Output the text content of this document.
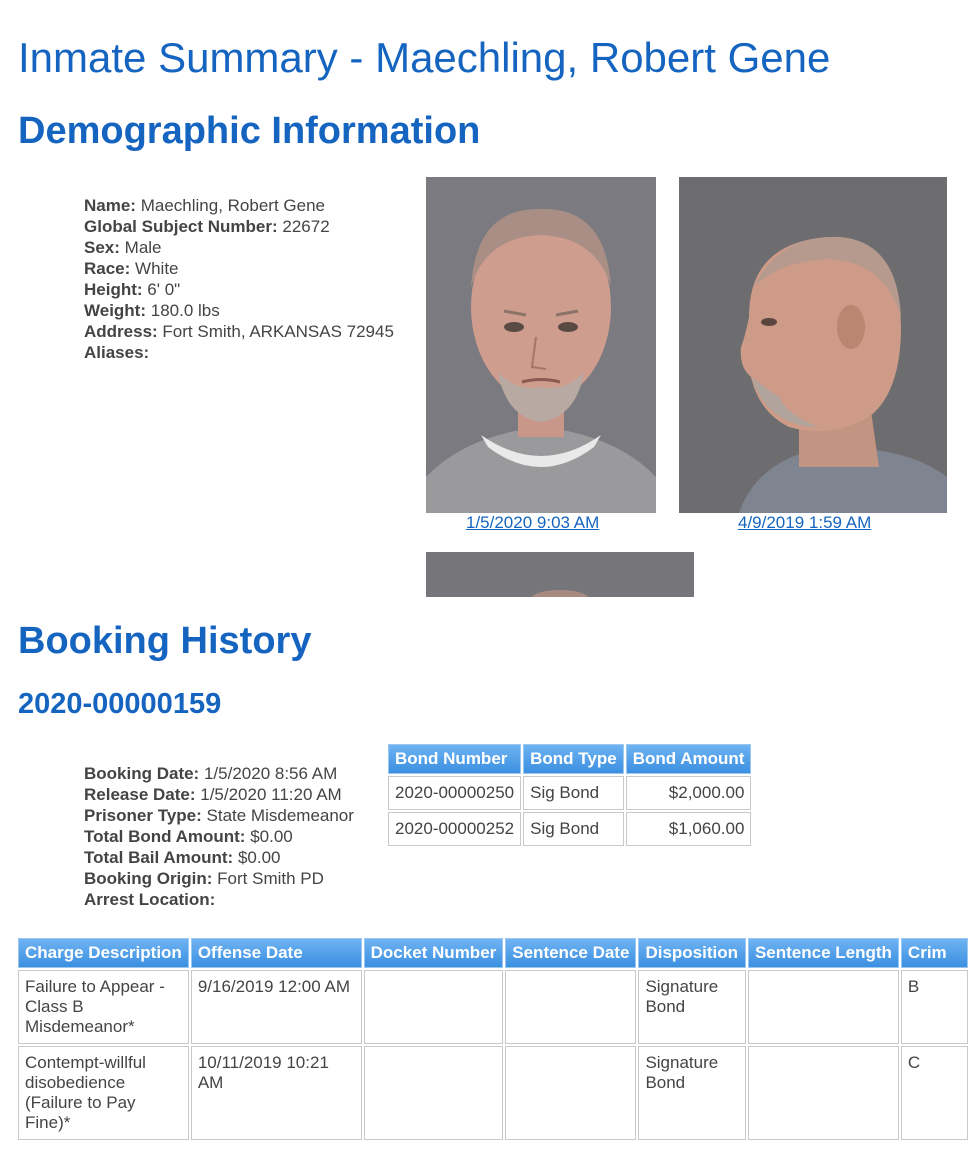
Inmate Summary - Maechling, Robert Gene
Demographic Information
Name: Maechling, Robert Gene
Global Subject Number: 22672
Sex: Male
Race: White
Height: 6' 0"
Weight: 180.0 lbs
Address: Fort Smith, ARKANSAS 72945
Aliases:
1/5/2020 9:03 AM	4/9/2019 1:59 AM
Booking History
2020-00000159
Booking Date: 1/5/2020 8:56 AM
Release Date: 1/5/2020 11:20 AM
Prisoner Type: State Misdemeanor
Total Bond Amount: $0.00
Total Bail Amount: $0.00
Booking Origin: Fort Smith PD
Arrest Location:
Bond Number	Bond Type	Bond Amount
2020-00000250	Sig Bond	$2,000.00
2020-00000252	Sig Bond	$1,060.00
Charge Description	Offense Date	Docket Number	Sentence Date	Disposition	Sentence Length	Crim
Failure to Appear - Class B Misdemeanor*	9/16/2019 12:00 AM			Signature Bond		B
Contempt-willful disobedience (Failure to Pay Fine)*	10/11/2019 10:21 AM			Signature Bond		C
